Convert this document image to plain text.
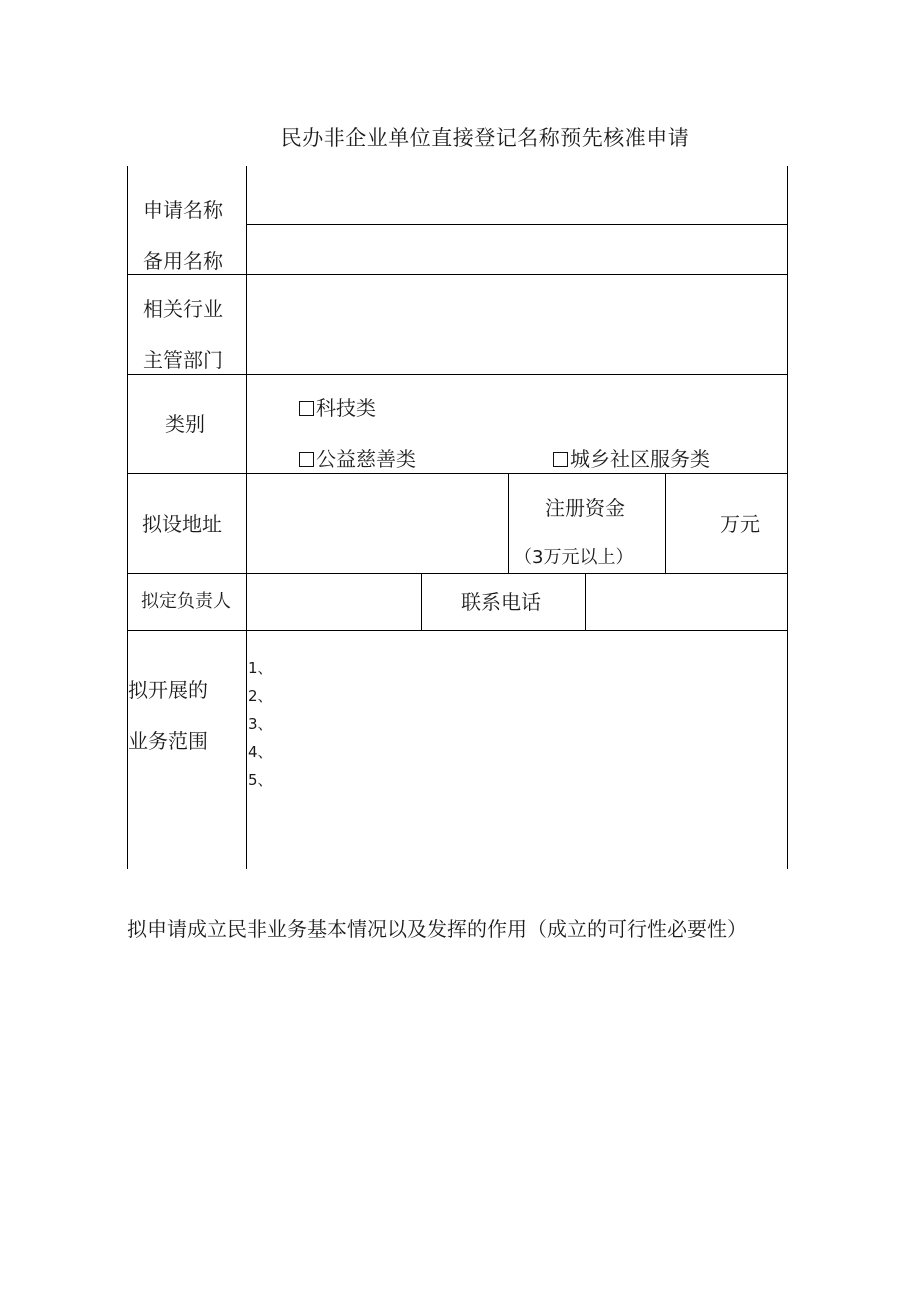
民办非企业单位直接登记名称预先核准申请
申请名称
备用名称
相关行业
主管部门
类别
科技类
公益慈善类	城乡社区服务类
拟设地址
注册资金
（3万元以上）
万元
拟定负责人	联系电话
拟开展的
业务范围
1、
2、
3、
4、
5、
拟申请成立民非业务基本情况以及发挥的作用（成立的可行性必要性）
